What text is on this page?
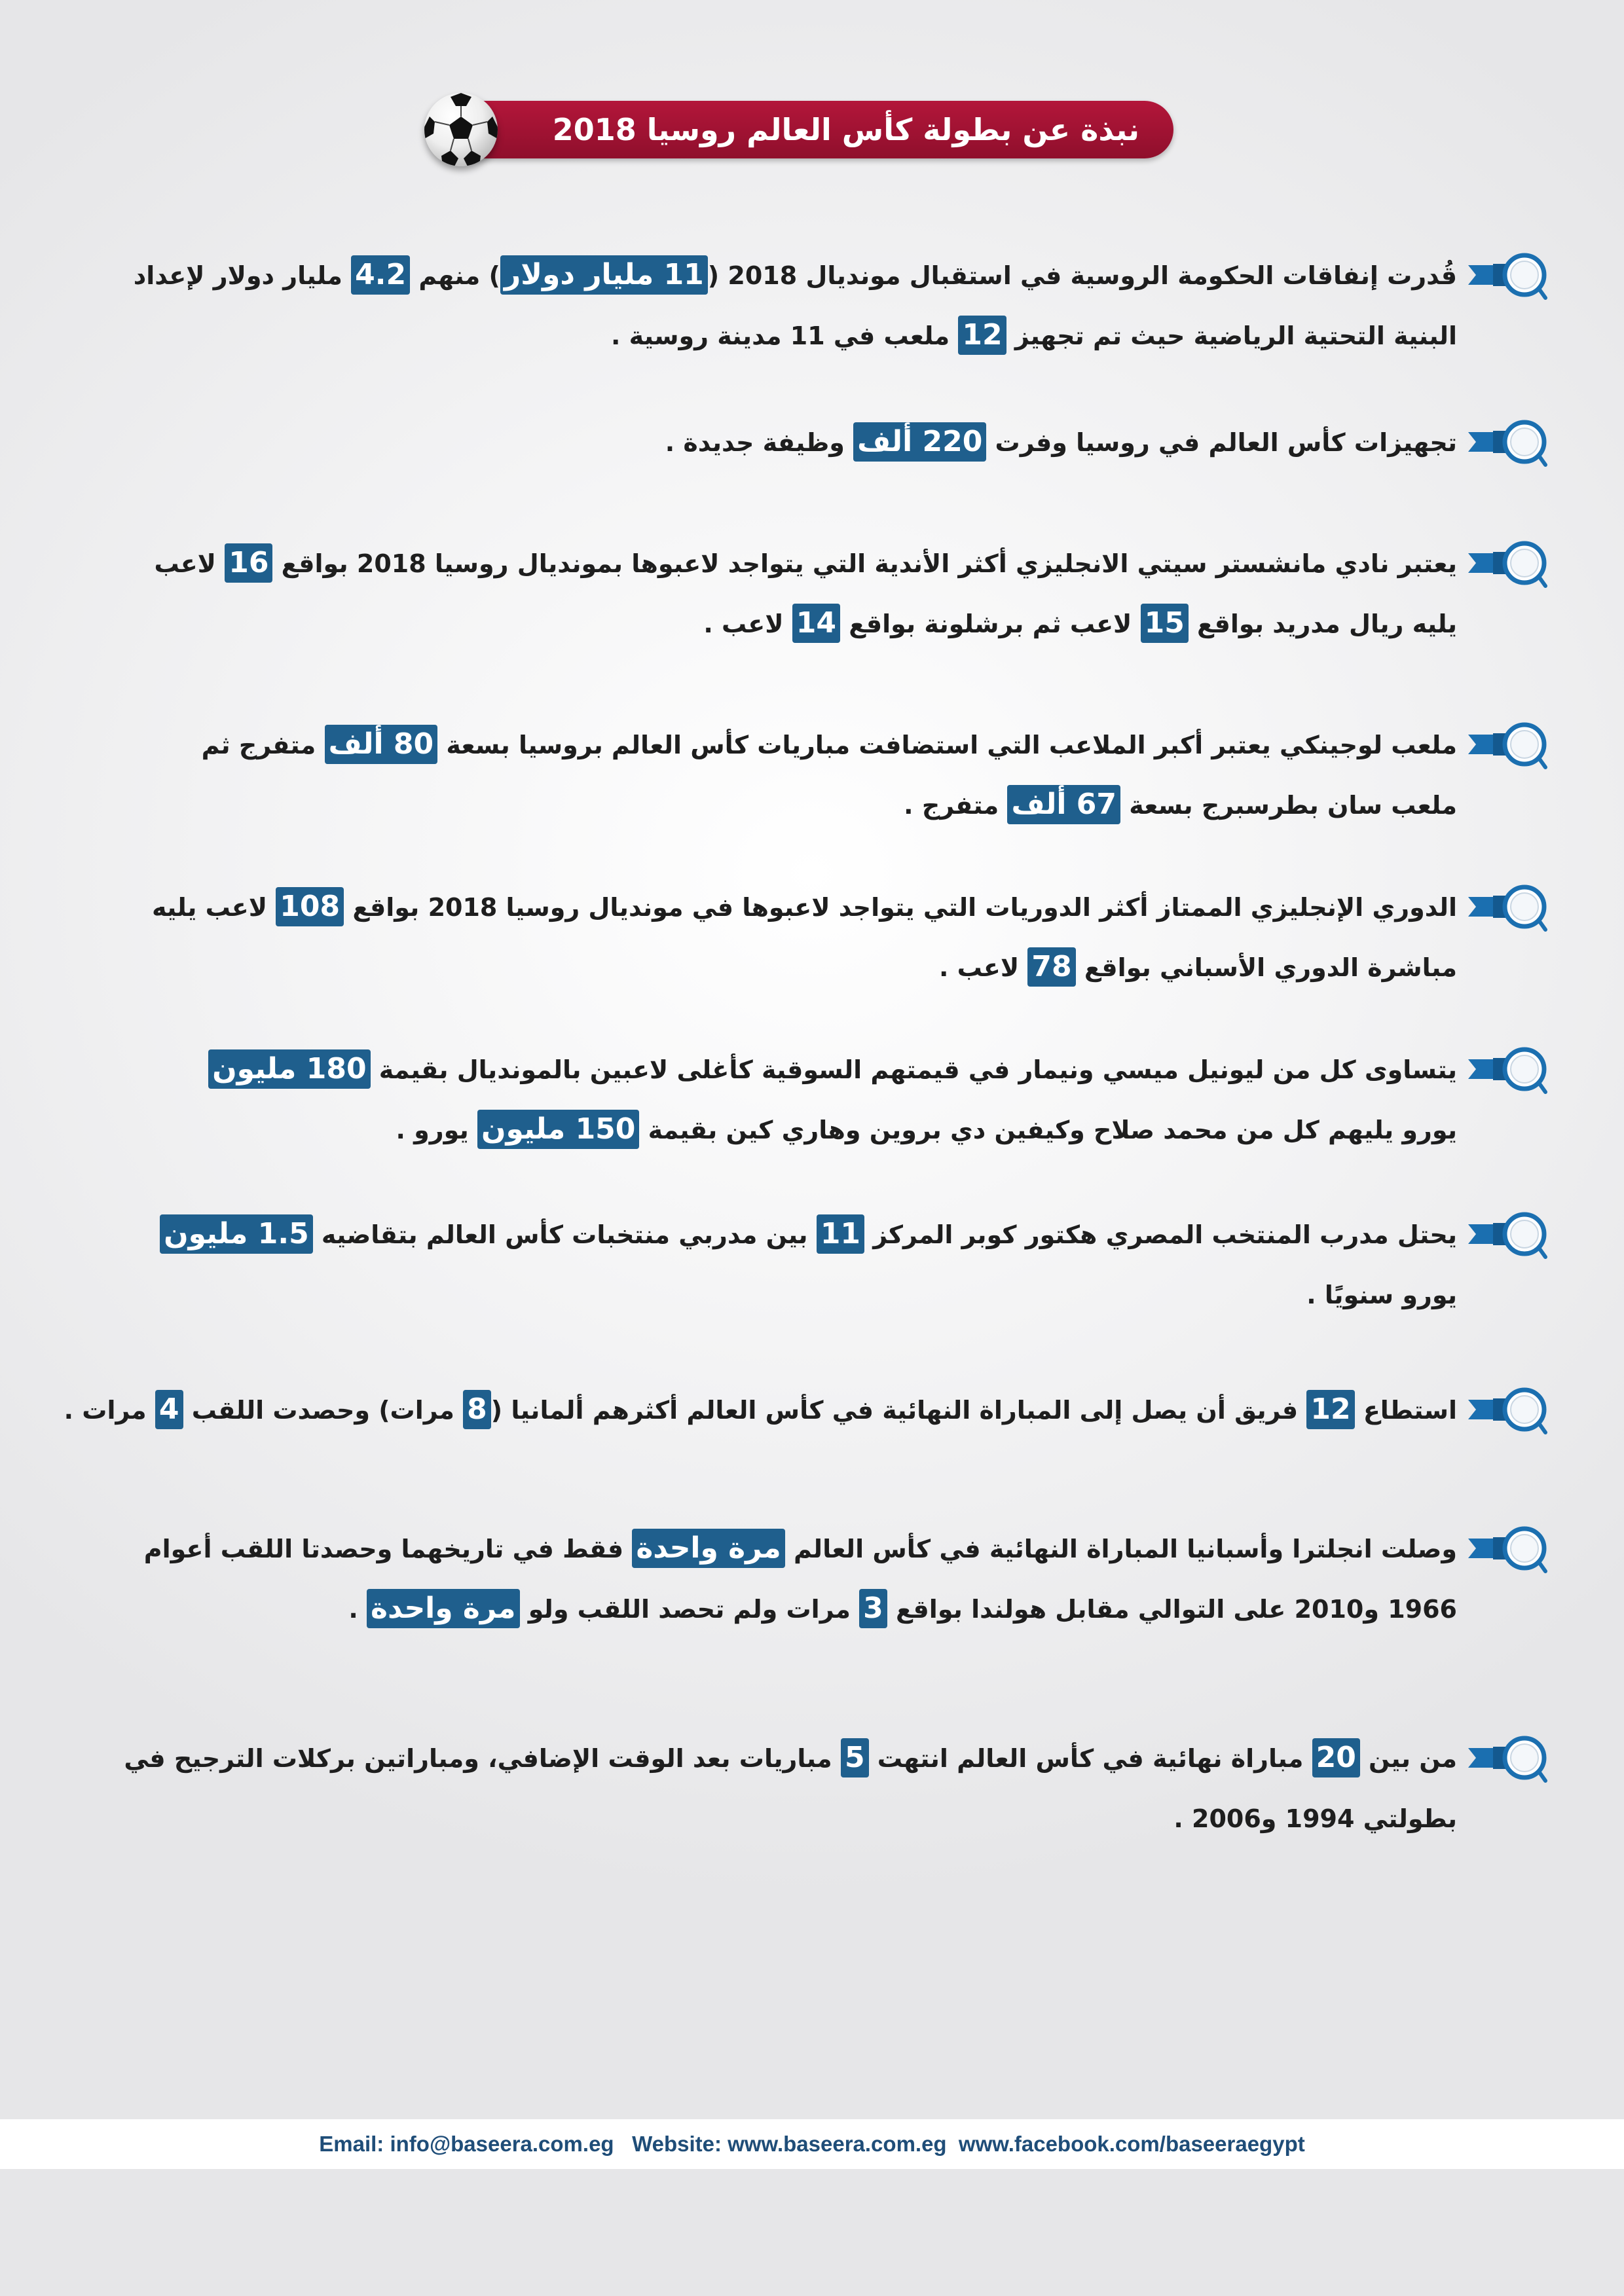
نبذة عن بطولة كأس العالم روسيا 2018
قُدرت إنفاقات الحكومة الروسية في استقبال مونديال 2018 (11 مليار دولار) منهم 4.2 مليار دولار لإعداد
البنية التحتية الرياضية حيث تم تجهيز 12 ملعب في 11 مدينة روسية .
تجهيزات كأس العالم في روسيا وفرت 220 ألف وظيفة جديدة .
يعتبر نادي مانشستر سيتي الانجليزي أكثر الأندية التي يتواجد لاعبوها بمونديال روسيا 2018 بواقع 16 لاعب
يليه ريال مدريد بواقع 15 لاعب ثم برشلونة بواقع 14 لاعب .
ملعب لوجينكي يعتبر أكبر الملاعب التي استضافت مباريات كأس العالم بروسيا بسعة 80 ألف متفرج ثم
ملعب سان بطرسبرج بسعة 67 ألف متفرج .
الدوري الإنجليزي الممتاز أكثر الدوريات التي يتواجد لاعبوها في مونديال روسيا 2018 بواقع 108 لاعب يليه
مباشرة الدوري الأسباني بواقع 78 لاعب .
يتساوى كل من ليونيل ميسي ونيمار في قيمتهم السوقية كأغلى لاعبين بالمونديال بقيمة 180 مليون
يورو يليهم كل من محمد صلاح وكيفين دي بروين وهاري كين بقيمة 150 مليون يورو .
يحتل مدرب المنتخب المصري هكتور كوبر المركز 11 بين مدربي منتخبات كأس العالم بتقاضيه 1.5 مليون
يورو سنويًا .
استطاع 12 فريق أن يصل إلى المباراة النهائية في كأس العالم أكثرهم ألمانيا (8 مرات) وحصدت اللقب 4 مرات .
وصلت انجلترا وأسبانيا المباراة النهائية في كأس العالم مرة واحدة فقط في تاريخهما وحصدتا اللقب أعوام
1966 و2010 على التوالي مقابل هولندا بواقع 3 مرات ولم تحصد اللقب ولو مرة واحدة .
من بين 20 مباراة نهائية في كأس العالم انتهت 5 مباريات بعد الوقت الإضافي، ومباراتين بركلات الترجيح في
بطولتي 1994 و2006 .
Email: info@baseera.com.eg   Website: www.baseera.com.eg  www.facebook.com/baseeraegypt
